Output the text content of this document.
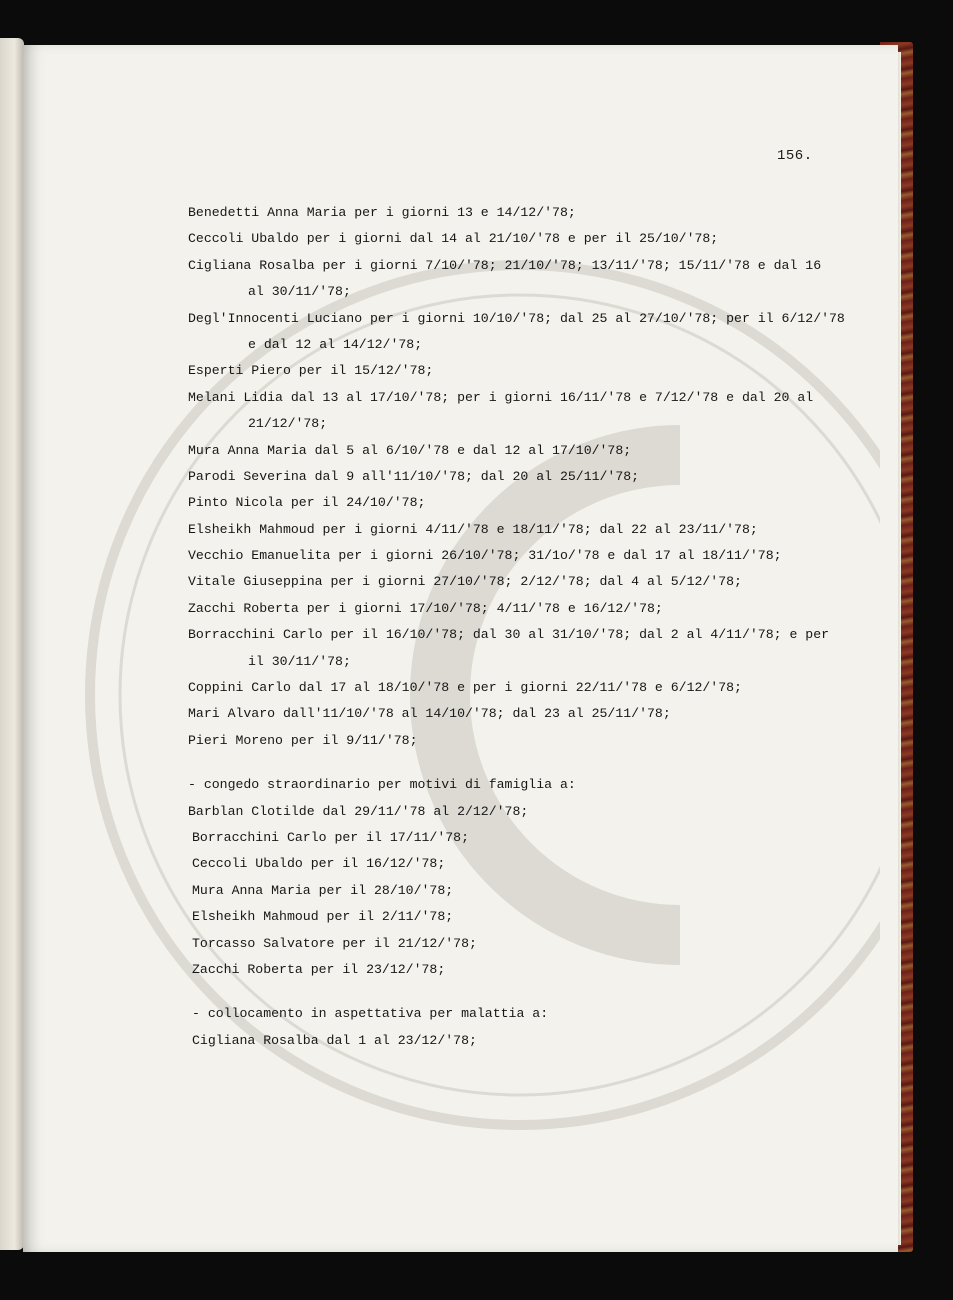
156.
Benedetti Anna Maria per i giorni 13 e 14/12/'78;
Ceccoli Ubaldo per i giorni dal 14 al 21/10/'78 e per il 25/10/'78;
Cigliana Rosalba per i giorni 7/10/'78; 21/10/'78; 13/11/'78; 15/11/'78 e dal 16
al 30/11/'78;
Degl'Innocenti Luciano per i giorni 10/10/'78; dal 25 al 27/10/'78; per il 6/12/'78
e dal 12 al 14/12/'78;
Esperti Piero per il 15/12/'78;
Melani Lidia dal 13 al 17/10/'78; per i giorni 16/11/'78 e 7/12/'78 e dal 20 al
21/12/'78;
Mura Anna Maria dal 5 al 6/10/'78 e dal 12 al 17/10/'78;
Parodi Severina dal 9 all'11/10/'78; dal 20 al 25/11/'78;
Pinto Nicola per il 24/10/'78;
Elsheikh Mahmoud per i giorni 4/11/'78 e 18/11/'78; dal 22 al 23/11/'78;
Vecchio Emanuelita per i giorni 26/10/'78; 31/1o/'78 e dal 17 al 18/11/'78;
Vitale Giuseppina per i giorni 27/10/'78; 2/12/'78; dal 4 al 5/12/'78;
Zacchi Roberta per i giorni 17/10/'78; 4/11/'78 e 16/12/'78;
Borracchini Carlo per il 16/10/'78; dal 30 al 31/10/'78; dal 2 al 4/11/'78; e per
il 30/11/'78;
Coppini Carlo dal 17 al 18/10/'78 e per i giorni 22/11/'78 e 6/12/'78;
Mari Alvaro dall'11/10/'78 al 14/10/'78; dal 23 al 25/11/'78;
Pieri Moreno per il 9/11/'78;
- congedo straordinario per motivi di famiglia a:
Barblan Clotilde dal 29/11/'78 al 2/12/'78;
Borracchini Carlo per il 17/11/'78;
Ceccoli Ubaldo per il 16/12/'78;
Mura Anna Maria per il 28/10/'78;
Elsheikh Mahmoud per il 2/11/'78;
Torcasso Salvatore per il 21/12/'78;
Zacchi Roberta per il 23/12/'78;
- collocamento in aspettativa per malattia a:
Cigliana Rosalba dal 1 al 23/12/'78;
